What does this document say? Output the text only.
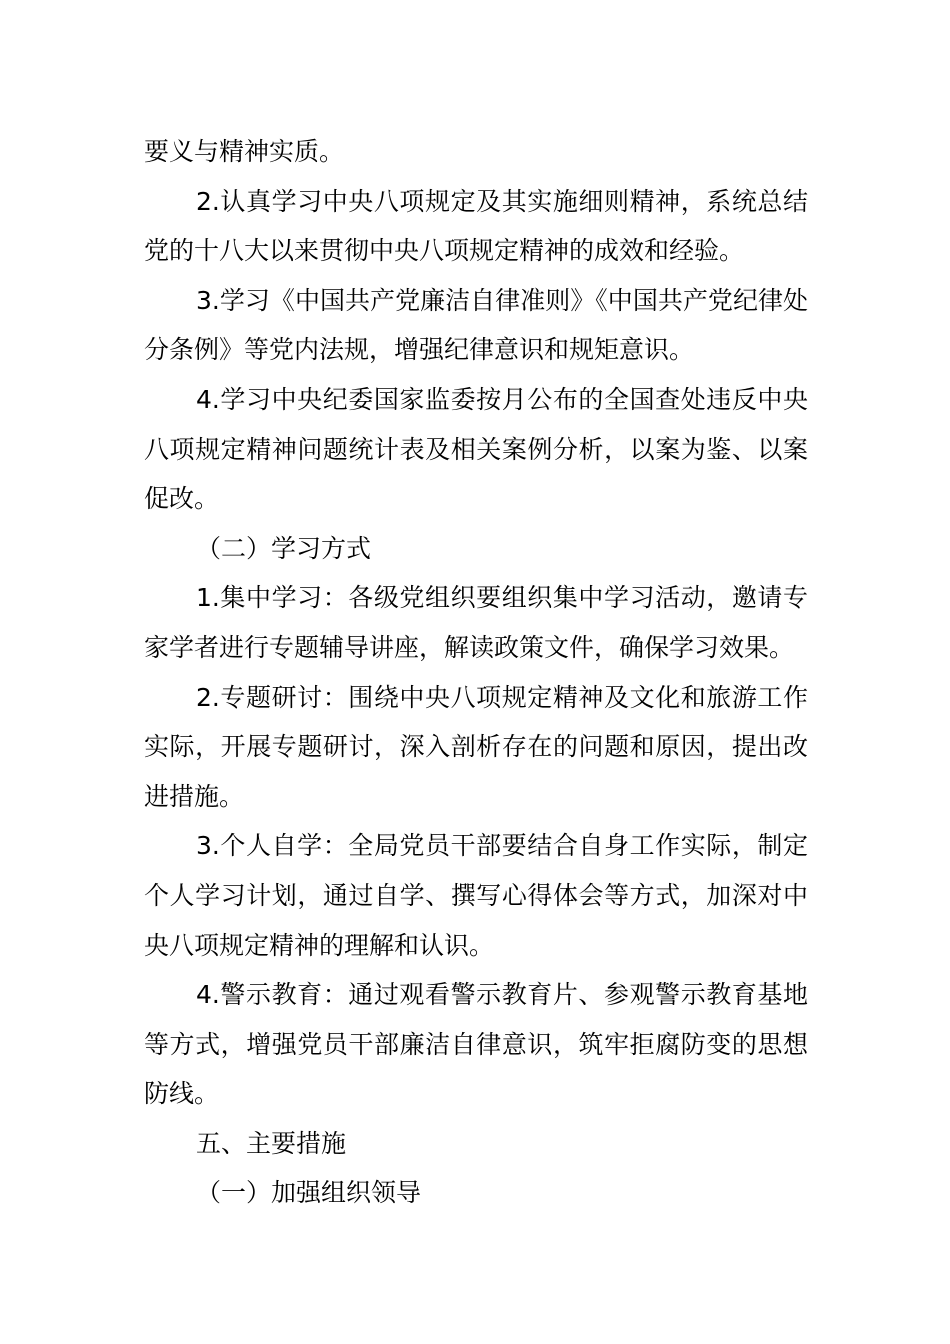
要义与精神实质。

2.认真学习中央八项规定及其实施细则精神，系统总结党的十八大以来贯彻中央八项规定精神的成效和经验。

3.学习《中国共产党廉洁自律准则》《中国共产党纪律处分条例》等党内法规，增强纪律意识和规矩意识。

4.学习中央纪委国家监委按月公布的全国查处违反中央八项规定精神问题统计表及相关案例分析，以案为鉴、以案促改。

（二）学习方式

1.集中学习：各级党组织要组织集中学习活动，邀请专家学者进行专题辅导讲座，解读政策文件，确保学习效果。

2.专题研讨：围绕中央八项规定精神及文化和旅游工作实际，开展专题研讨，深入剖析存在的问题和原因，提出改进措施。

3.个人自学：全局党员干部要结合自身工作实际，制定个人学习计划，通过自学、撰写心得体会等方式，加深对中央八项规定精神的理解和认识。

4.警示教育：通过观看警示教育片、参观警示教育基地等方式，增强党员干部廉洁自律意识，筑牢拒腐防变的思想防线。

五、主要措施

（一）加强组织领导
